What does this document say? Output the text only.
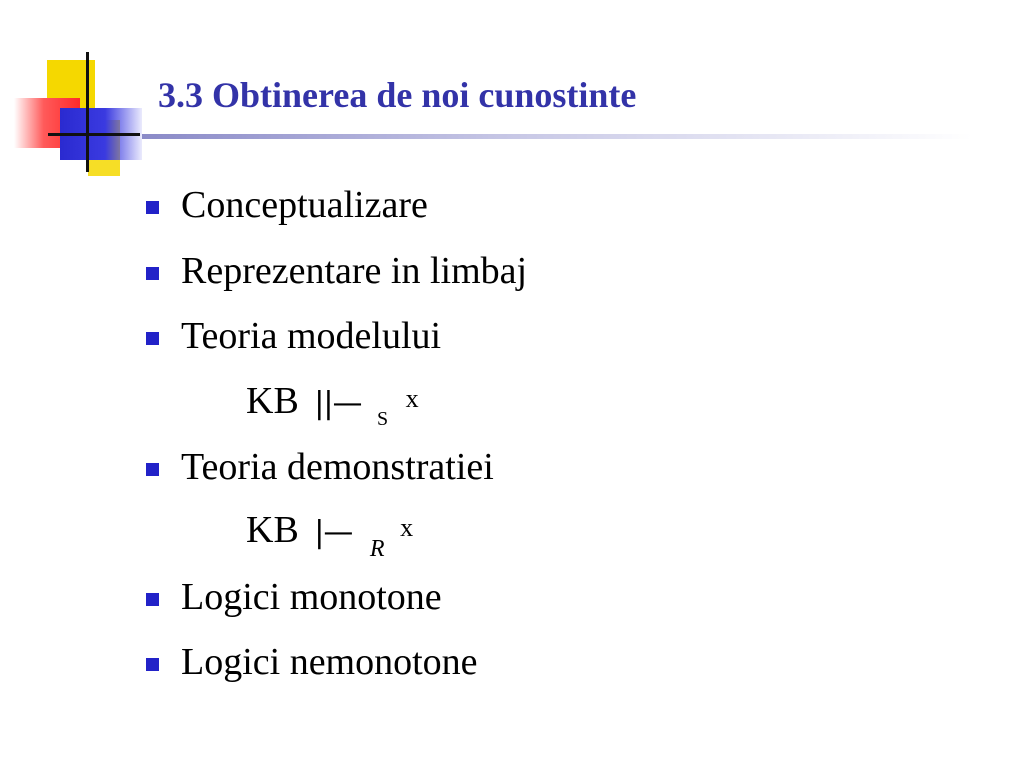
3.3 Obtinerea de noi cunostinte
Conceptualizare
Reprezentare in limbaj
Teoria modelului
KB ||— $_S$ x
Teoria demonstratiei
KB |— $_R$ x
Logici monotone
Logici nemonotone
